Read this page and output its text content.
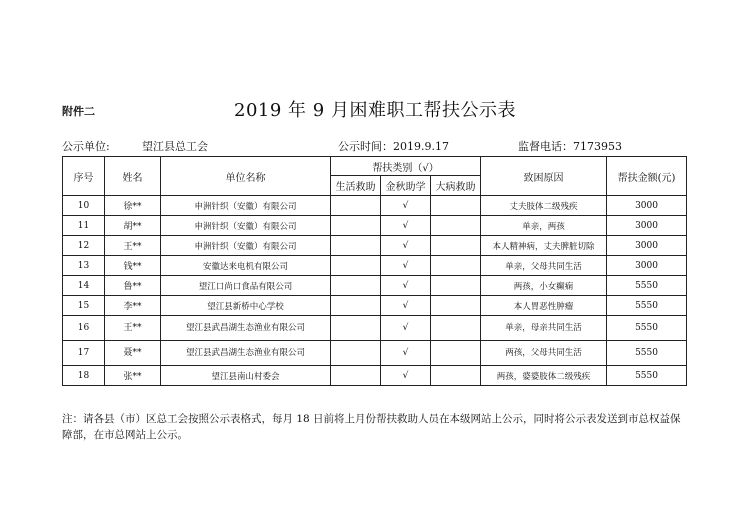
附件二	2019 年 9 月困难职工帮扶公示表
公示单位:	望江县总工会	公示时间：2019.9.17	监督电话：7173953
序号	姓名	单位名称	帮扶类别（√）			致困原因	帮扶金额(元)
			生活救助	金秋助学	大病救助		
10	徐**	申洲针织（安徽）有限公司		√		丈夫肢体二级残疾	3000
11	胡**	申洲针织（安徽）有限公司		√		单亲，两孩	3000
12	王**	申洲针织（安徽）有限公司		√		本人精神病，丈夫脾脏切除	3000
13	钱**	安徽达来电机有限公司		√		单亲，父母共同生活	3000
14	鲁**	望江口尚口食品有限公司		√		两孩，小女癫痫	5550
15	李**	望江县新桥中心学校		√		本人胃恶性肿瘤	5550
16	王**	望江县武昌湖生态渔业有限公司		√		单亲，母亲共同生活	5550
17	聂**	望江县武昌湖生态渔业有限公司		√		两孩，父母共同生活	5550
18	张**	望江县南山村委会		√		两孩，婆婆肢体二级残疾	5550
注：请各县（市）区总工会按照公示表格式，每月 18 日前将上月份帮扶救助人员在本级网站上公示，同时将公示表发送到市总权益保障部，在市总网站上公示。
